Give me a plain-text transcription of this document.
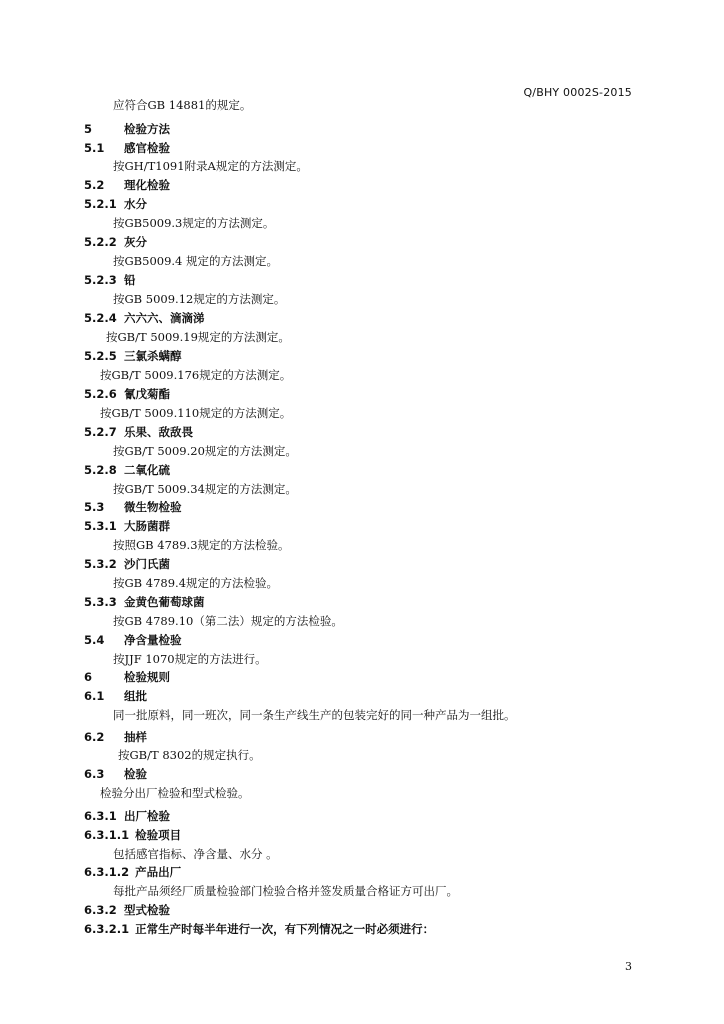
Q/BHY 0002S-2015
应符合GB 14881的规定。
5	检验方法
5.1 感官检验
按GH/T1091附录A规定的方法测定。
5.2 理化检验
5.2.1 水分
按GB5009.3规定的方法测定。
5.2.2 灰分
按GB5009.4 规定的方法测定。
5.2.3 铅
按GB 5009.12规定的方法测定。
5.2.4 六六六、滴滴涕
按GB/T 5009.19规定的方法测定。
5.2.5 三氯杀螨醇
按GB/T 5009.176规定的方法测定。
5.2.6 氰戊菊酯
按GB/T 5009.110规定的方法测定。
5.2.7 乐果、敌敌畏
按GB/T 5009.20规定的方法测定。
5.2.8 二氧化硫
按GB/T 5009.34规定的方法测定。
5.3 微生物检验
5.3.1 大肠菌群
按照GB 4789.3规定的方法检验。
5.3.2 沙门氏菌
按GB 4789.4规定的方法检验。
5.3.3 金黄色葡萄球菌
按GB 4789.10（第二法）规定的方法检验。
5.4 净含量检验
按JJF 1070规定的方法进行。
6	检验规则
6.1 组批
同一批原料，同一班次，同一条生产线生产的包装完好的同一种产品为一组批。
6.2 抽样
按GB/T 8302的规定执行。
6.3 检验
检验分出厂检验和型式检验。
6.3.1 出厂检验
6.3.1.1 检验项目
包括感官指标、净含量、水分 。
6.3.1.2 产品出厂
每批产品须经厂质量检验部门检验合格并签发质量合格证方可出厂。
6.3.2 型式检验
6.3.2.1 正常生产时每半年进行一次，有下列情况之一时必须进行：
3
